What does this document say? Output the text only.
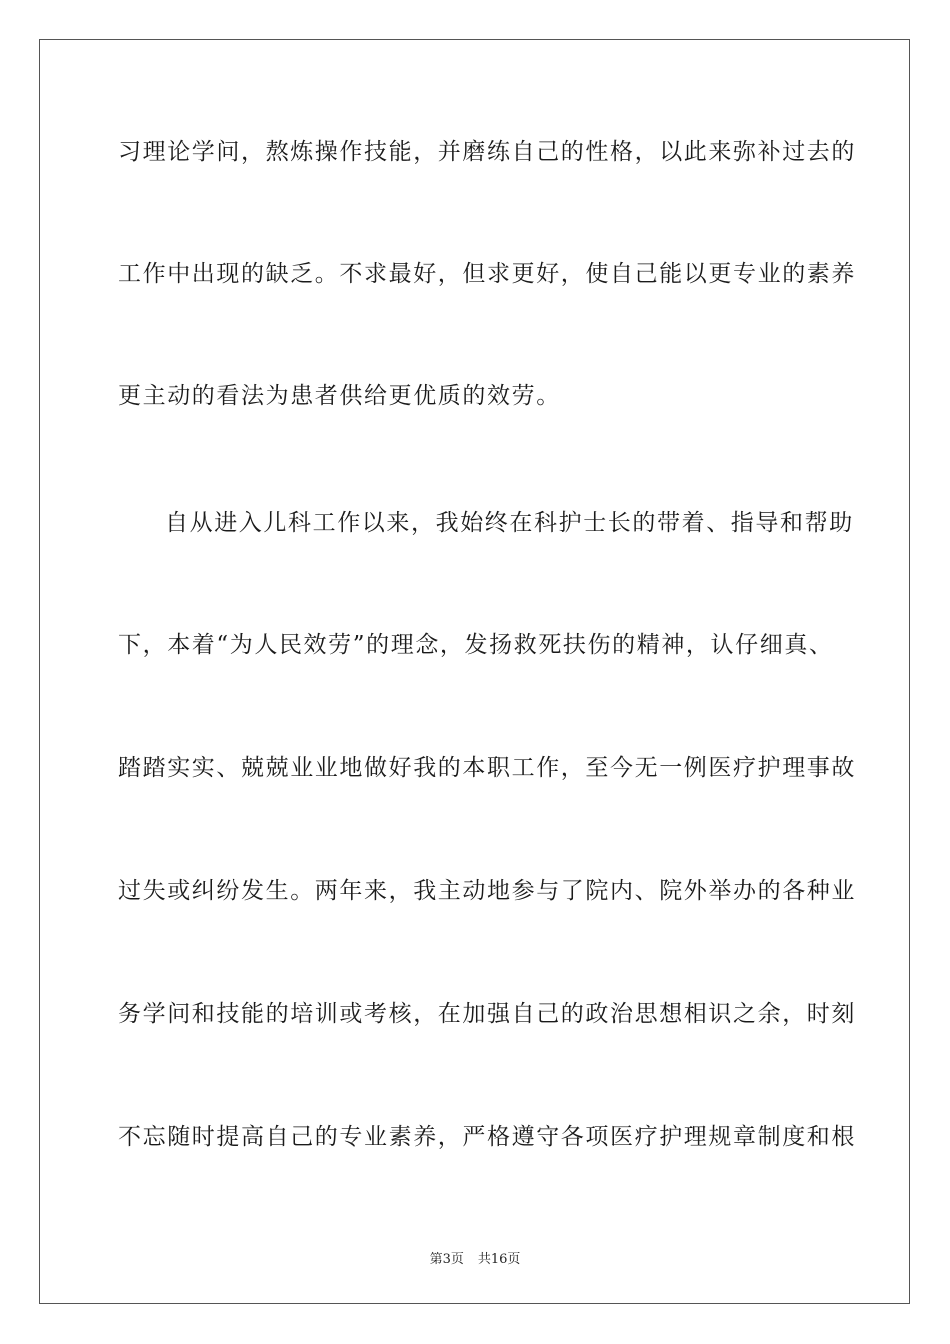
习理论学问，熬炼操作技能，并磨练自己的性格，以此来弥补过去的
工作中出现的缺乏。不求最好，但求更好，使自己能以更专业的素养
更主动的看法为患者供给更优质的效劳。
自从进入儿科工作以来，我始终在科护士长的带着、指导和帮助
下，本着“为人民效劳”的理念，发扬救死扶伤的精神，认仔细真、
踏踏实实、兢兢业业地做好我的本职工作，至今无一例医疗护理事故
过失或纠纷发生。两年来，我主动地参与了院内、院外举办的各种业
务学问和技能的培训或考核，在加强自己的政治思想相识之余，时刻
不忘随时提高自己的专业素养，严格遵守各项医疗护理规章制度和根
第3页 共16页
